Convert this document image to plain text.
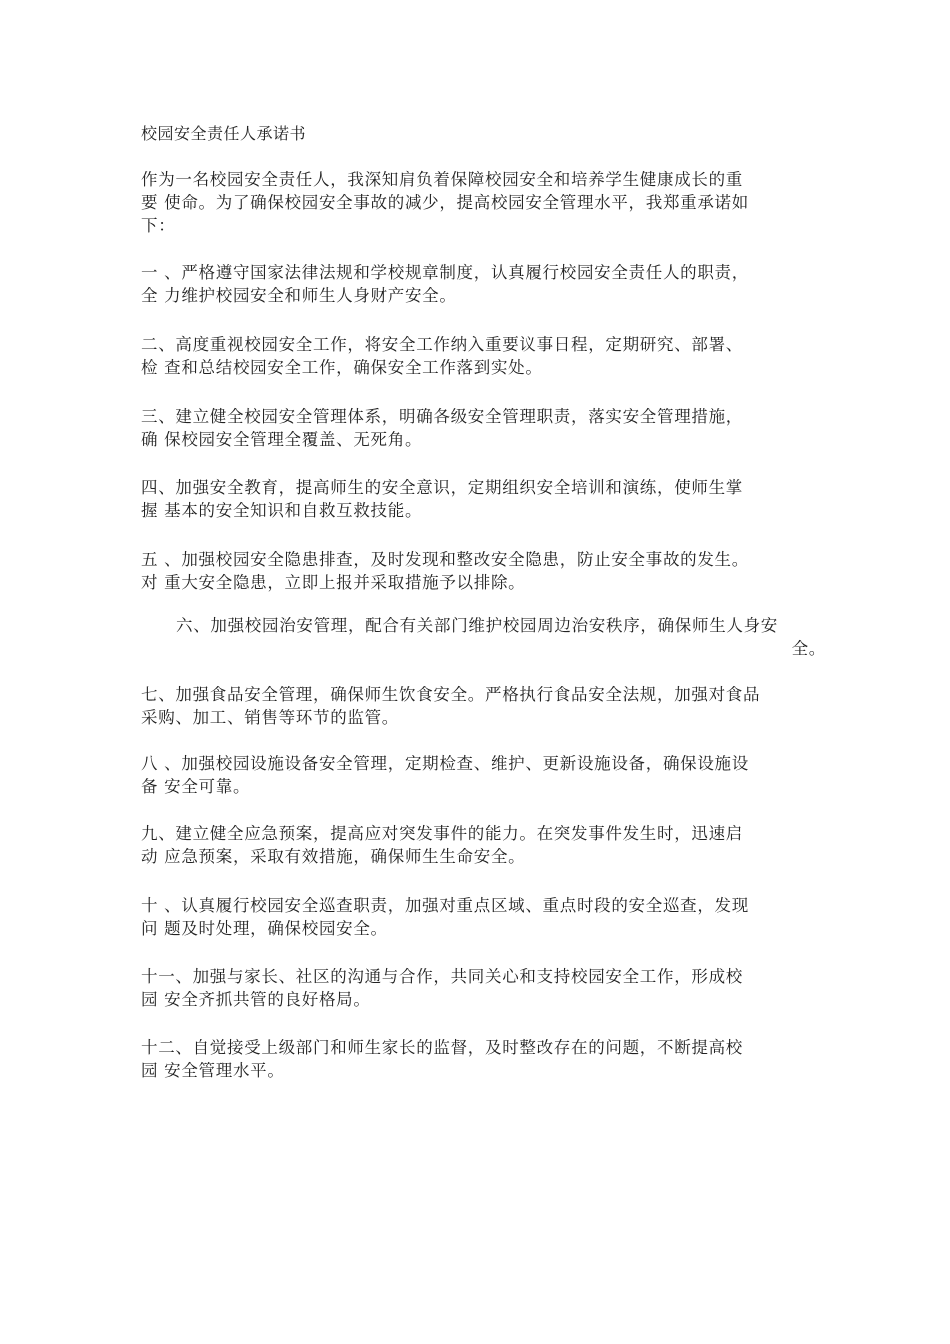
校园安全责任人承诺书
作为一名校园安全责任人，我深知肩负着保障校园安全和培养学生健康成长的重
要 使命。为了确保校园安全事故的减少，提高校园安全管理水平，我郑重承诺如
下：
一 、严格遵守国家法律法规和学校规章制度，认真履行校园安全责任人的职责，
全 力维护校园安全和师生人身财产安全。
二、高度重视校园安全工作，将安全工作纳入重要议事日程，定期研究、部署、
检 查和总结校园安全工作，确保安全工作落到实处。
三、建立健全校园安全管理体系，明确各级安全管理职责，落实安全管理措施，
确 保校园安全管理全覆盖、无死角。
四、加强安全教育，提高师生的安全意识，定期组织安全培训和演练，使师生掌
握 基本的安全知识和自救互救技能。
五 、加强校园安全隐患排查，及时发现和整改安全隐患，防止安全事故的发生。
对 重大安全隐患，立即上报并采取措施予以排除。
六、加强校园治安管理，配合有关部门维护校园周边治安秩序，确保师生人身安
全。
七、加强食品安全管理，确保师生饮食安全。严格执行食品安全法规，加强对食品
采购、加工、销售等环节的监管。
八 、加强校园设施设备安全管理，定期检查、维护、更新设施设备，确保设施设
备 安全可靠。
九、建立健全应急预案，提高应对突发事件的能力。在突发事件发生时，迅速启
动 应急预案，采取有效措施，确保师生生命安全。
十 、认真履行校园安全巡查职责，加强对重点区域、重点时段的安全巡查，发现
问 题及时处理，确保校园安全。
十一、加强与家长、社区的沟通与合作，共同关心和支持校园安全工作，形成校
园 安全齐抓共管的良好格局。
十二、自觉接受上级部门和师生家长的监督，及时整改存在的问题，不断提高校
园 安全管理水平。
